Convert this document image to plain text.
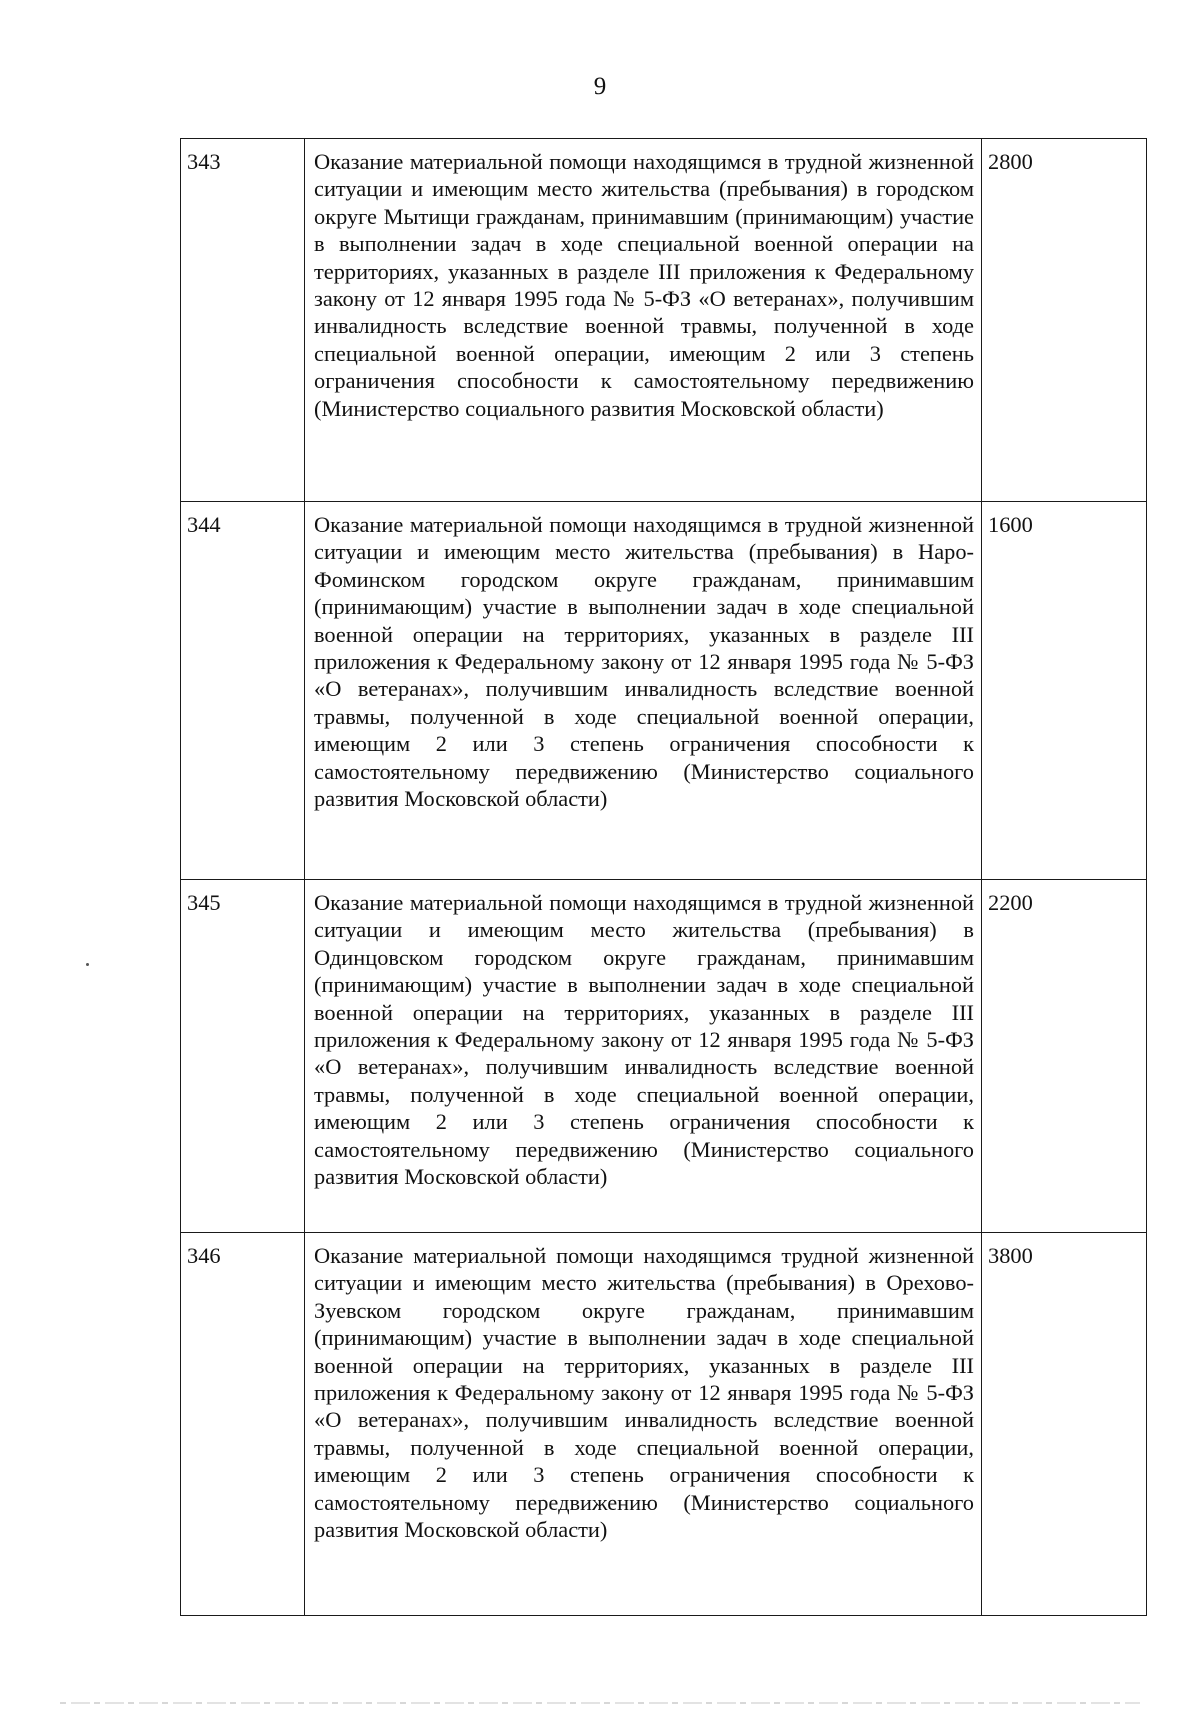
9
343	Оказание материальной помощи находящимся в трудной жизненной ситуации и имеющим место жительства (пребывания) в городском округе Мытищи гражданам, принимавшим (принимающим) участие в выполнении задач в ходе специальной военной операции на территориях, указанных в разделе III приложения к Федеральному закону от 12 января 1995 года № 5-ФЗ «О ветеранах», получившим инвалидность вследствие военной травмы, полученной в ходе специальной военной операции, имеющим 2 или 3 степень ограничения способности к самостоятельному передвижению (Министерство социального развития Московской области)	2800
344	Оказание материальной помощи находящимся в трудной жизненной ситуации и имеющим место жительства (пребывания) в Наро-Фоминском городском округе гражданам, принимавшим (принимающим) участие в выполнении задач в ходе специальной военной операции на территориях, указанных в разделе III приложения к Федеральному закону от 12 января 1995 года № 5-ФЗ «О ветеранах», получившим инвалидность вследствие военной травмы, полученной в ходе специальной военной операции, имеющим 2 или 3 степень ограничения способности к самостоятельному передвижению (Министерство социального развития Московской области)	1600
345	Оказание материальной помощи находящимся в трудной жизненной ситуации и имеющим место жительства (пребывания) в Одинцовском городском округе гражданам, принимавшим (принимающим) участие в выполнении задач в ходе специальной военной операции на территориях, указанных в разделе III приложения к Федеральному закону от 12 января 1995 года № 5-ФЗ «О ветеранах», получившим инвалидность вследствие военной травмы, полученной в ходе специальной военной операции, имеющим 2 или 3 степень ограничения способности к самостоятельному передвижению (Министерство социального развития Московской области)	2200
346	Оказание материальной помощи находящимся трудной жизненной ситуации и имеющим место жительства (пребывания) в Орехово-Зуевском городском округе гражданам, принимавшим (принимающим) участие в выполнении задач в ходе специальной военной операции на территориях, указанных в разделе III приложения к Федеральному закону от 12 января 1995 года № 5-ФЗ «О ветеранах», получившим инвалидность вследствие военной травмы, полученной в ходе специальной военной операции, имеющим 2 или 3 степень ограничения способности к самостоятельному передвижению (Министерство социального развития Московской области)	3800
